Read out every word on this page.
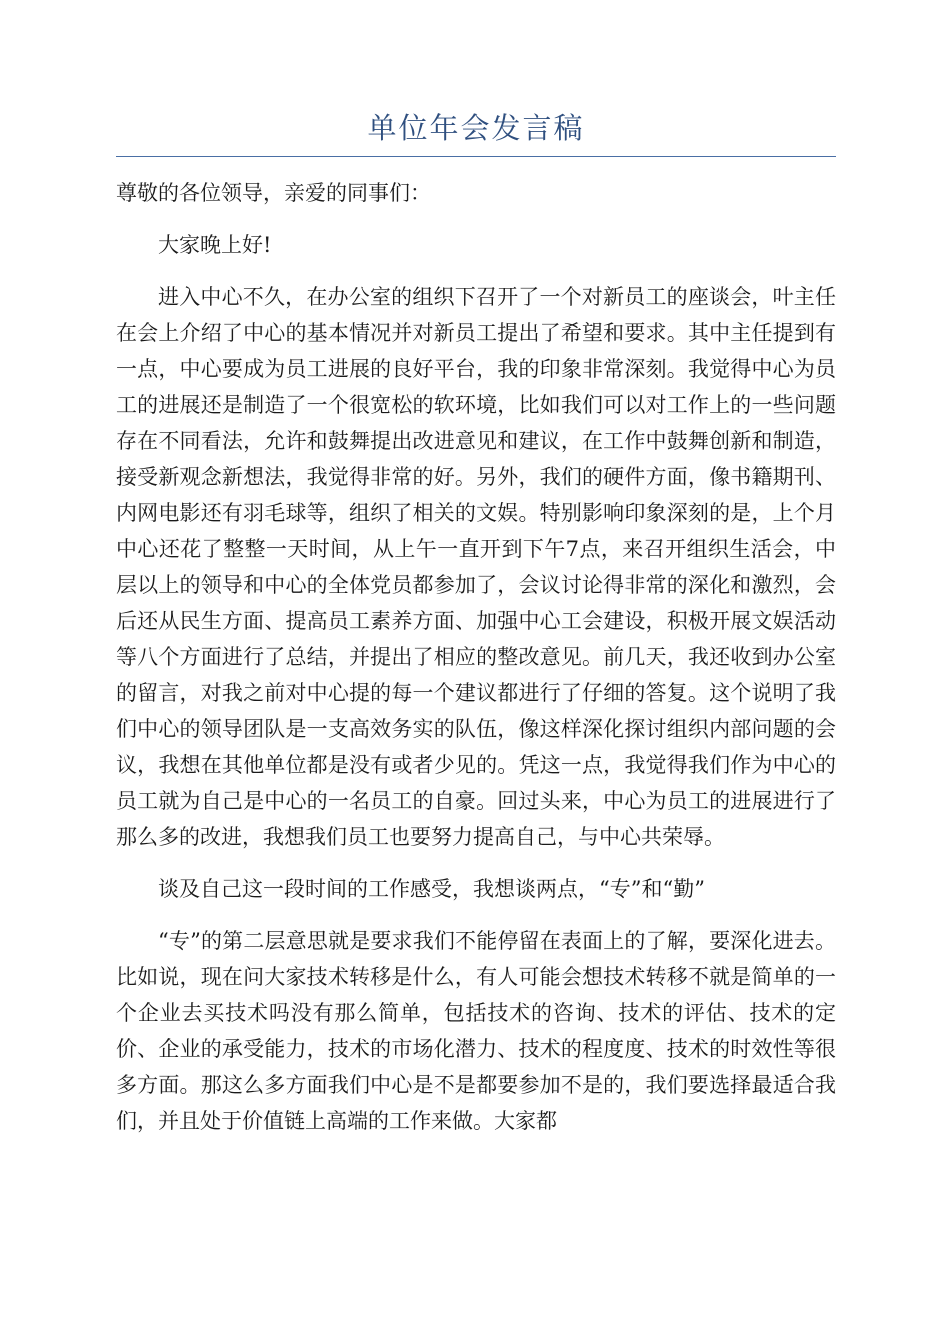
单位年会发言稿

尊敬的各位领导，亲爱的同事们：

大家晚上好!

进入中心不久，在办公室的组织下召开了一个对新员工的座谈会，叶主任在会上介绍了中心的基本情况并对新员工提出了希望和要求。其中主任提到有一点，中心要成为员工进展的良好平台，我的印象非常深刻。我觉得中心为员工的进展还是制造了一个很宽松的软环境，比如我们可以对工作上的一些问题存在不同看法，允许和鼓舞提出改进意见和建议，在工作中鼓舞创新和制造，接受新观念新想法，我觉得非常的好。另外，我们的硬件方面，像书籍期刊、内网电影还有羽毛球等，组织了相关的文娱。特别影响印象深刻的是，上个月中心还花了整整一天时间，从上午一直开到下午7点，来召开组织生活会，中层以上的领导和中心的全体党员都参加了，会议讨论得非常的深化和激烈，会后还从民生方面、提高员工素养方面、加强中心工会建设，积极开展文娱活动等八个方面进行了总结，并提出了相应的整改意见。前几天，我还收到办公室的留言，对我之前对中心提的每一个建议都进行了仔细的答复。这个说明了我们中心的领导团队是一支高效务实的队伍，像这样深化探讨组织内部问题的会议，我想在其他单位都是没有或者少见的。凭这一点，我觉得我们作为中心的员工就为自己是中心的一名员工的自豪。回过头来，中心为员工的进展进行了那么多的改进，我想我们员工也要努力提高自己，与中心共荣辱。

谈及自己这一段时间的工作感受，我想谈两点，“专”和“勤”

“专”的第二层意思就是要求我们不能停留在表面上的了解，要深化进去。比如说，现在问大家技术转移是什么，有人可能会想技术转移不就是简单的一个企业去买技术吗没有那么简单，包括技术的咨询、技术的评估、技术的定价、企业的承受能力，技术的市场化潜力、技术的程度度、技术的时效性等很多方面。那这么多方面我们中心是不是都要参加不是的，我们要选择最适合我们，并且处于价值链上高端的工作来做。大家都
